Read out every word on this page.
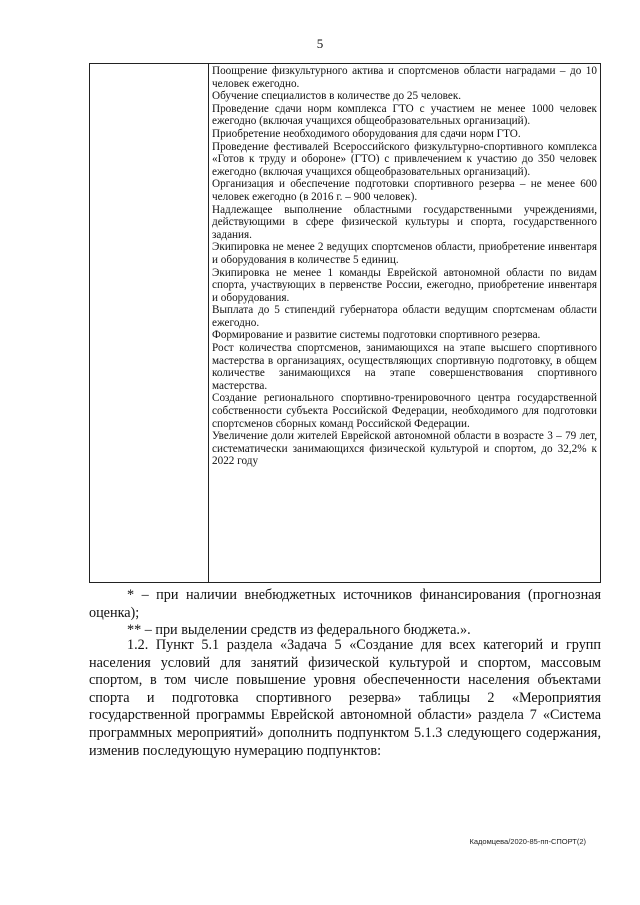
5

Поощрение физкультурного актива и спортсменов области наградами – до 10 человек ежегодно.

Обучение специалистов в количестве до 25 человек.

Проведение сдачи норм комплекса ГТО с участием не менее 1000 человек ежегодно (включая учащихся общеобразовательных организаций).

Приобретение необходимого оборудования для сдачи норм ГТО.

Проведение фестивалей Всероссийского физкультурно-спортивного комплекса «Готов к труду и обороне» (ГТО) с привлечением к участию до 350 человек ежегодно (включая учащихся общеобразовательных организаций).

Организация и обеспечение подготовки спортивного резерва – не менее 600 человек ежегодно (в 2016 г. – 900 человек).

Надлежащее выполнение областными государственными учреждениями, действующими в сфере физической культуры и спорта, государственного задания.

Экипировка не менее 2 ведущих спортсменов области, приобретение инвентаря и оборудования в количестве 5 единиц.

Экипировка не менее 1 команды Еврейской автономной области по видам спорта, участвующих в первенстве России, ежегодно, приобретение инвентаря и оборудования.

Выплата до 5 стипендий губернатора области ведущим спортсменам области ежегодно.

Формирование и развитие системы подготовки спортивного резерва.

Рост количества спортсменов, занимающихся на этапе высшего спортивного мастерства в организациях, осуществляющих спортивную подготовку, в общем количестве занимающихся на этапе совершенствования спортивного мастерства.

Создание регионального спортивно-тренировочного центра государственной собственности субъекта Российской Федерации, необходимого для подготовки спортсменов сборных команд Российской Федерации.

Увеличение доли жителей Еврейской автономной области в возрасте 3 – 79 лет, систематически занимающихся физической культурой и спортом, до 32,2% к 2022 году

* – при наличии внебюджетных источников финансирования (прогнозная оценка);

** – при выделении средств из федерального бюджета.».

1.2. Пункт 5.1 раздела «Задача 5 «Создание для всех категорий и групп населения условий для занятий физической культурой и спортом, массовым спортом, в том числе повышение уровня обеспеченности населения объектами спорта и подготовка спортивного резерва» таблицы 2 «Мероприятия государственной программы Еврейской автономной области» раздела 7 «Система программных мероприятий» дополнить подпунктом 5.1.3 следующего содержания, изменив последующую нумерацию подпунктов:

Кадомцева/2020-85-пп-СПОРТ(2)
